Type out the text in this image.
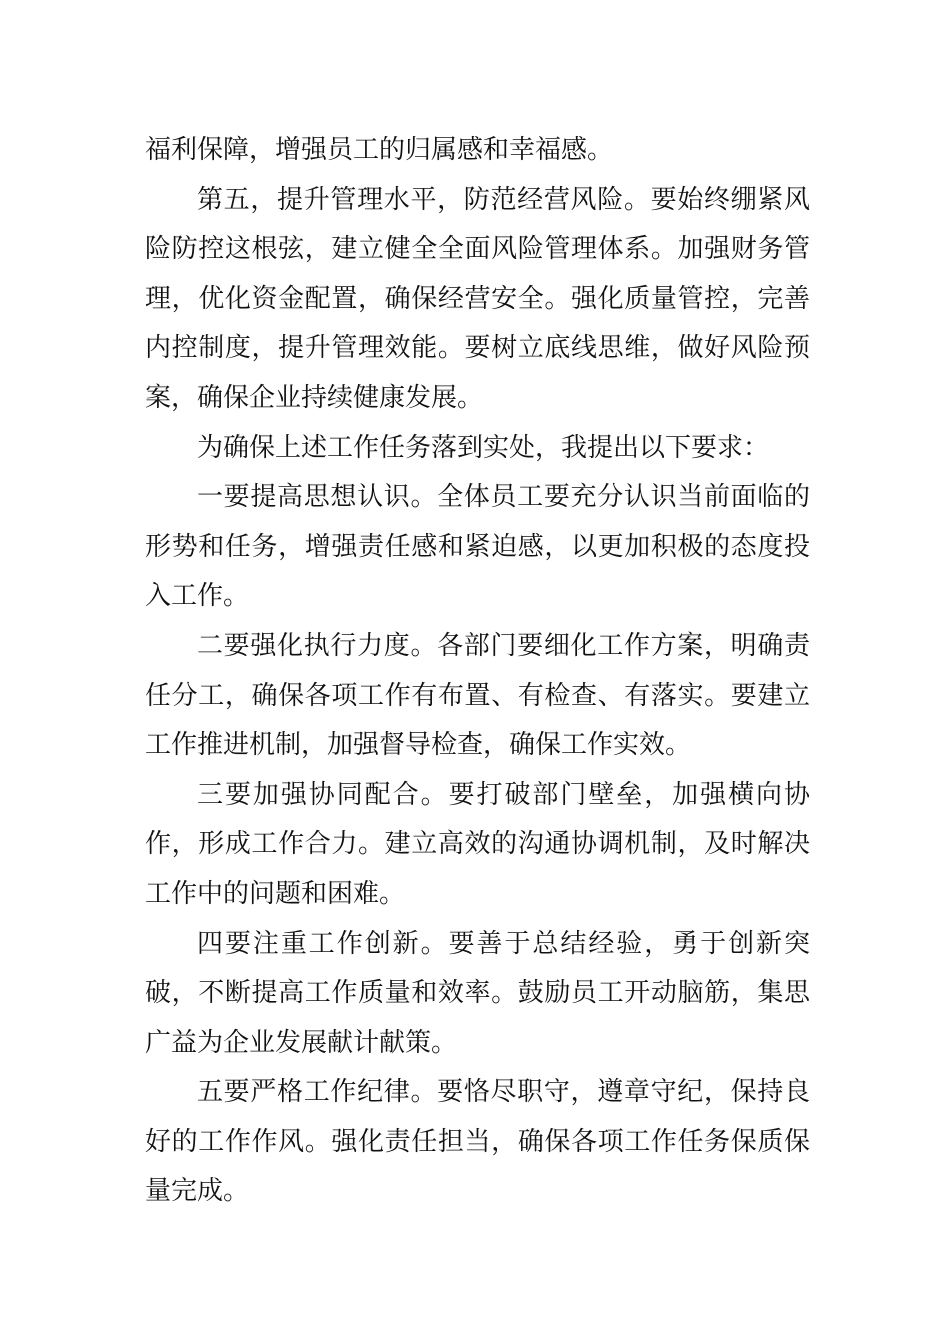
福利保障，增强员工的归属感和幸福感。

第五，提升管理水平，防范经营风险。要始终绷紧风险防控这根弦，建立健全全面风险管理体系。加强财务管理，优化资金配置，确保经营安全。强化质量管控，完善内控制度，提升管理效能。要树立底线思维，做好风险预案，确保企业持续健康发展。

为确保上述工作任务落到实处，我提出以下要求：

一要提高思想认识。全体员工要充分认识当前面临的形势和任务，增强责任感和紧迫感，以更加积极的态度投入工作。

二要强化执行力度。各部门要细化工作方案，明确责任分工，确保各项工作有布置、有检查、有落实。要建立工作推进机制，加强督导检查，确保工作实效。

三要加强协同配合。要打破部门壁垒，加强横向协作，形成工作合力。建立高效的沟通协调机制，及时解决工作中的问题和困难。

四要注重工作创新。要善于总结经验，勇于创新突破，不断提高工作质量和效率。鼓励员工开动脑筋，集思广益为企业发展献计献策。

五要严格工作纪律。要恪尽职守，遵章守纪，保持良好的工作作风。强化责任担当，确保各项工作任务保质保量完成。
